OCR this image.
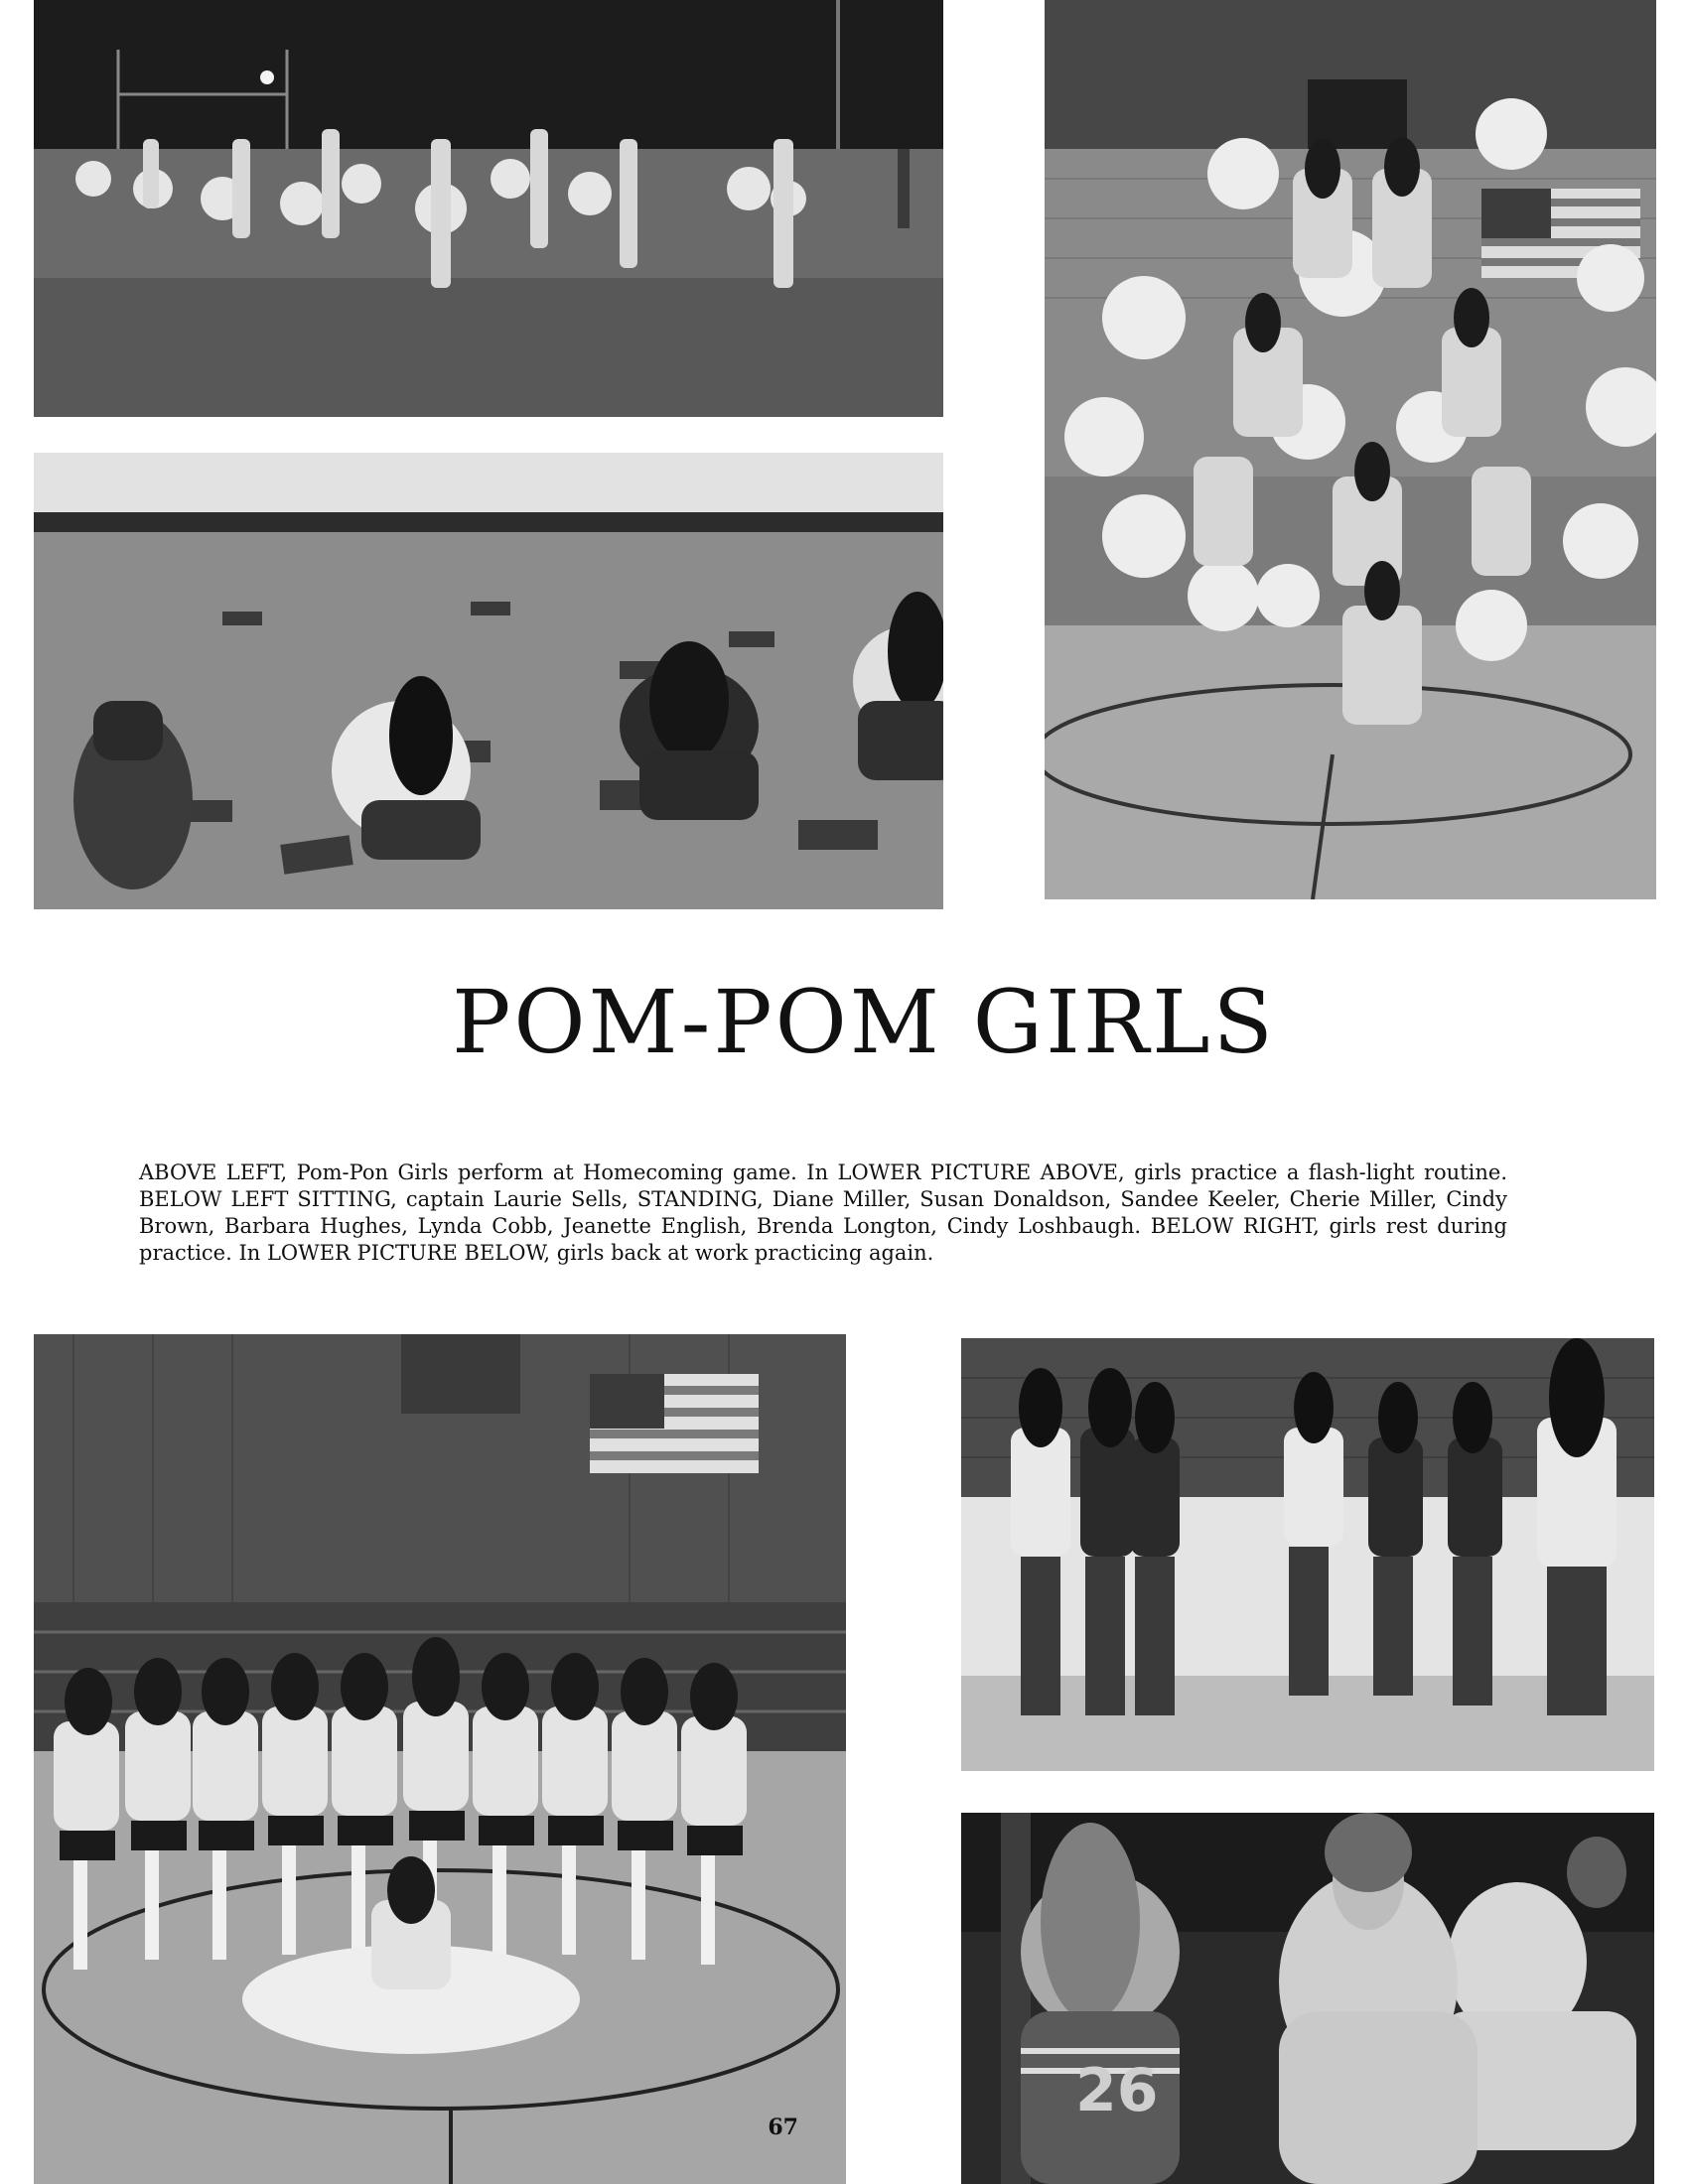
POM-POM GIRLS

ABOVE LEFT, Pom-Pon Girls perform at Homecoming game. In LOWER PICTURE ABOVE, girls practice a flash-light routine. BELOW LEFT SITTING, captain Laurie Sells, STANDING, Diane Miller, Susan Donaldson, Sandee Keeler, Cherie Miller, Cindy Brown, Barbara Hughes, Lynda Cobb, Jeanette English, Brenda Longton, Cindy Loshbaugh. BELOW RIGHT, girls rest during practice. In LOWER PICTURE BELOW, girls back at work practicing again.

67
26
